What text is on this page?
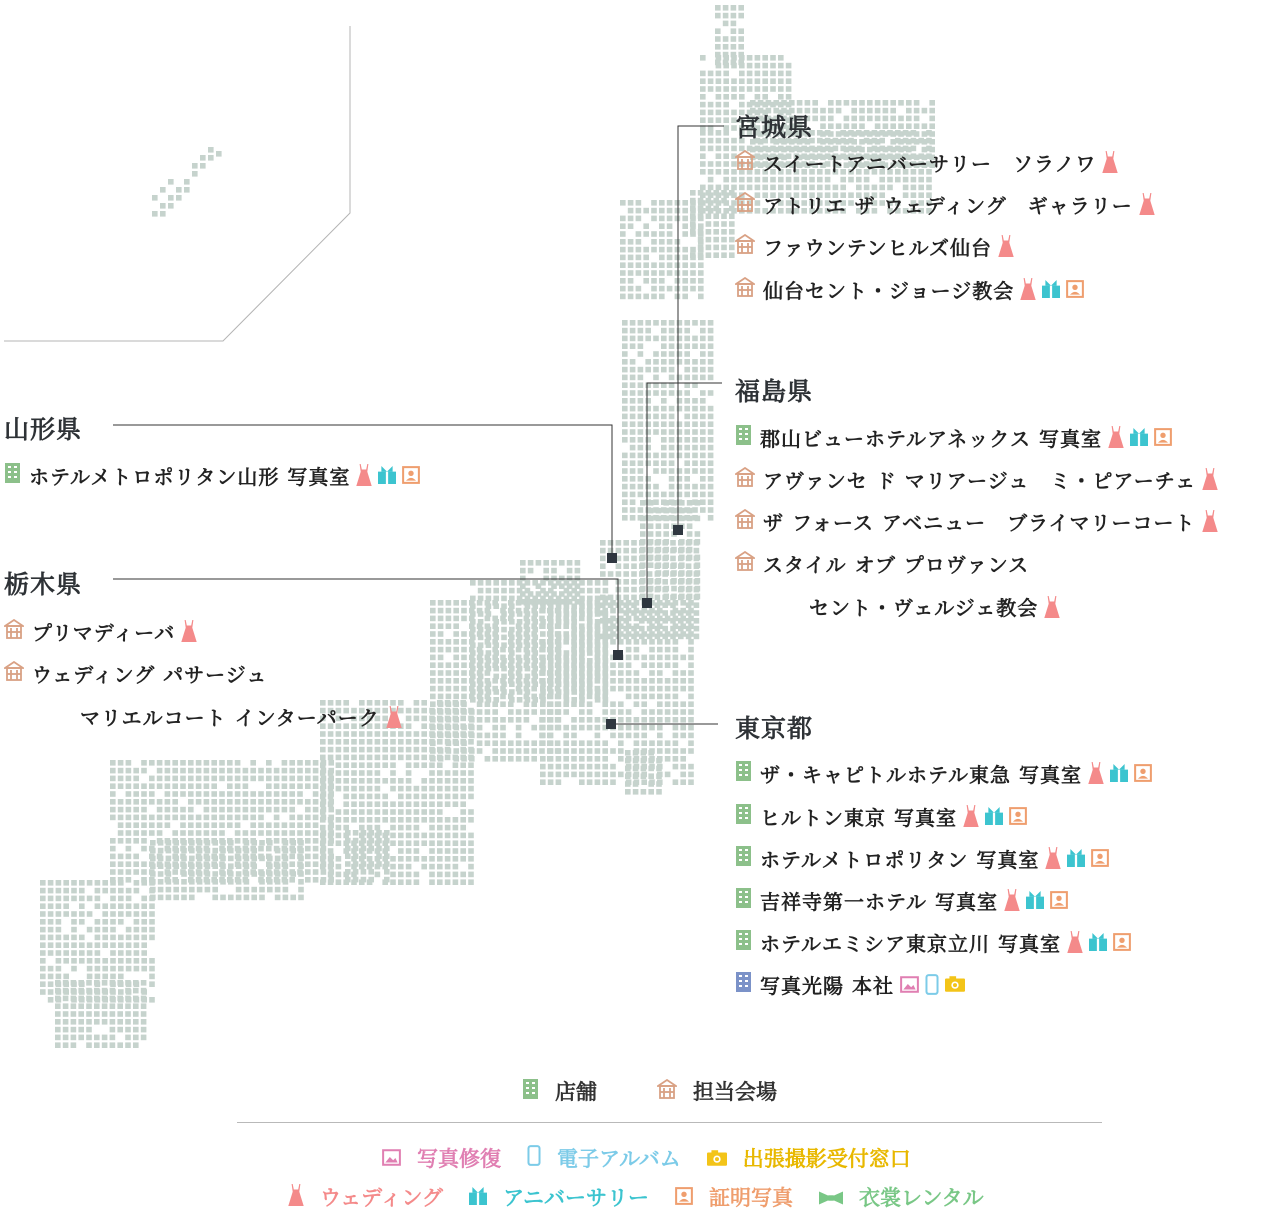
宮城県
スイートアニバーサリー　ソラノワ
アトリエ ザ ウェディング　ギャラリー
ファウンテンヒルズ仙台
仙台セント・ジョージ教会
福島県
郡山ビューホテルアネックス 写真室
アヴァンセ ド マリアージュ　ミ・ピアーチェ
ザ フォース アベニュー　ブライマリーコート
スタイル オブ プロヴァンス
セント・ヴェルジェ教会
山形県
ホテルメトロポリタン山形 写真室
栃木県
プリマディーバ
ウェディング パサージュ
マリエルコート インターパーク	東京都
ザ・キャピトルホテル東急 写真室
ヒルトン東京 写真室
ホテルメトロポリタン 写真室
吉祥寺第一ホテル 写真室
ホテルエミシア東京立川 写真室
写真光陽 本社
店舗	担当会場
写真修復	電子アルバム	出張撮影受付窓口
ウェディング	アニバーサリー	証明写真	衣裳レンタル
